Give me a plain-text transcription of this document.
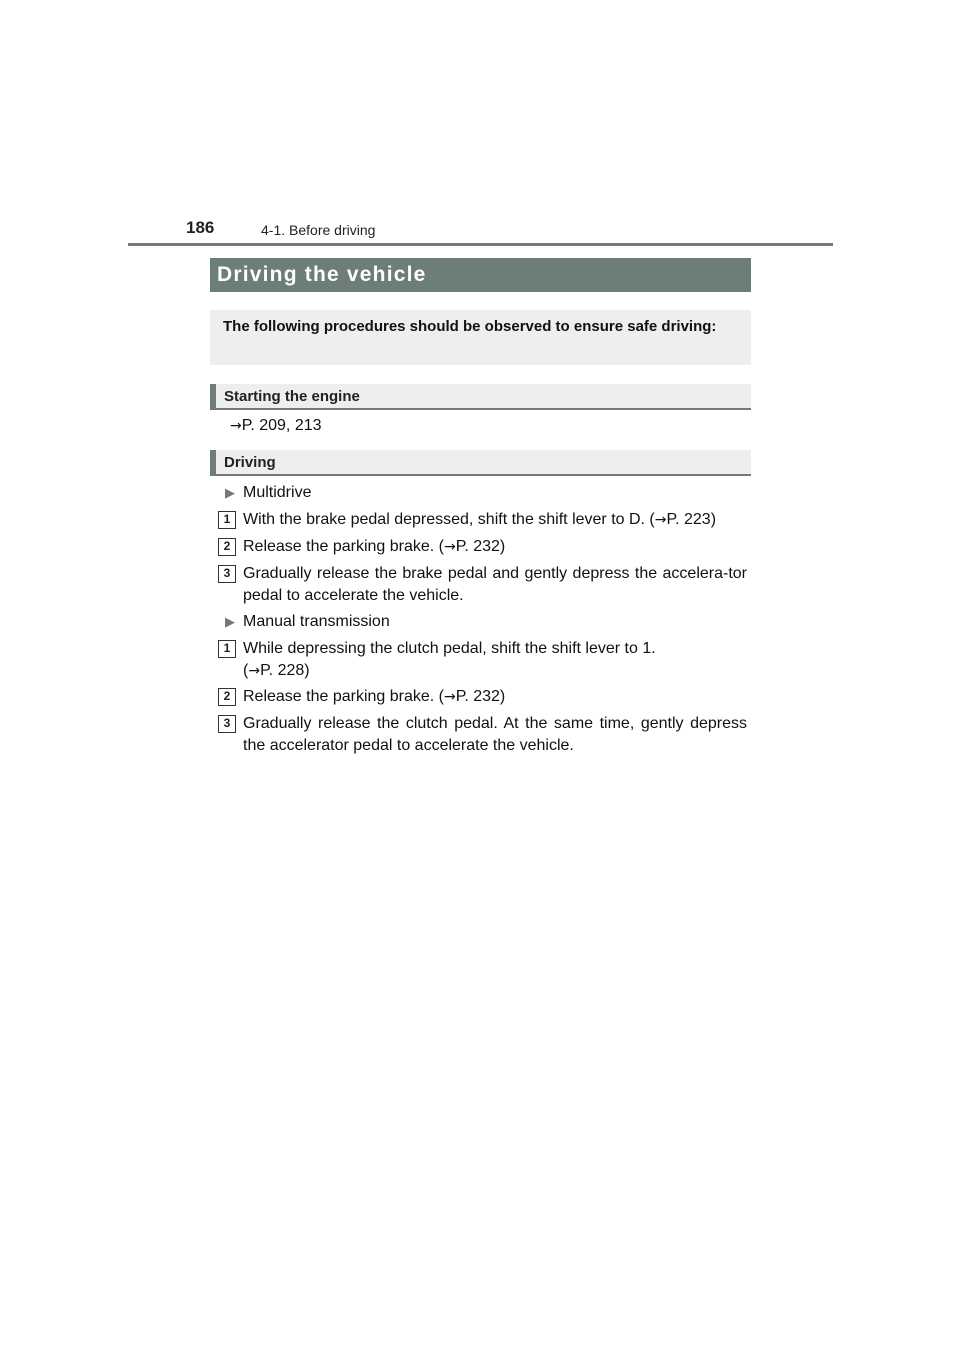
186	4-1. Before driving
Driving the vehicle
The following procedures should be observed to ensure safe driving:
Starting the engine
→P. 209, 213
Driving
▶ Multidrive
1 With the brake pedal depressed, shift the shift lever to D. (→P. 223)
2 Release the parking brake. (→P. 232)
3 Gradually release the brake pedal and gently depress the accelera-tor pedal to accelerate the vehicle.
▶ Manual transmission
1 While depressing the clutch pedal, shift the shift lever to 1. (→P. 228)
2 Release the parking brake. (→P. 232)
3 Gradually release the clutch pedal. At the same time, gently depress the accelerator pedal to accelerate the vehicle.
